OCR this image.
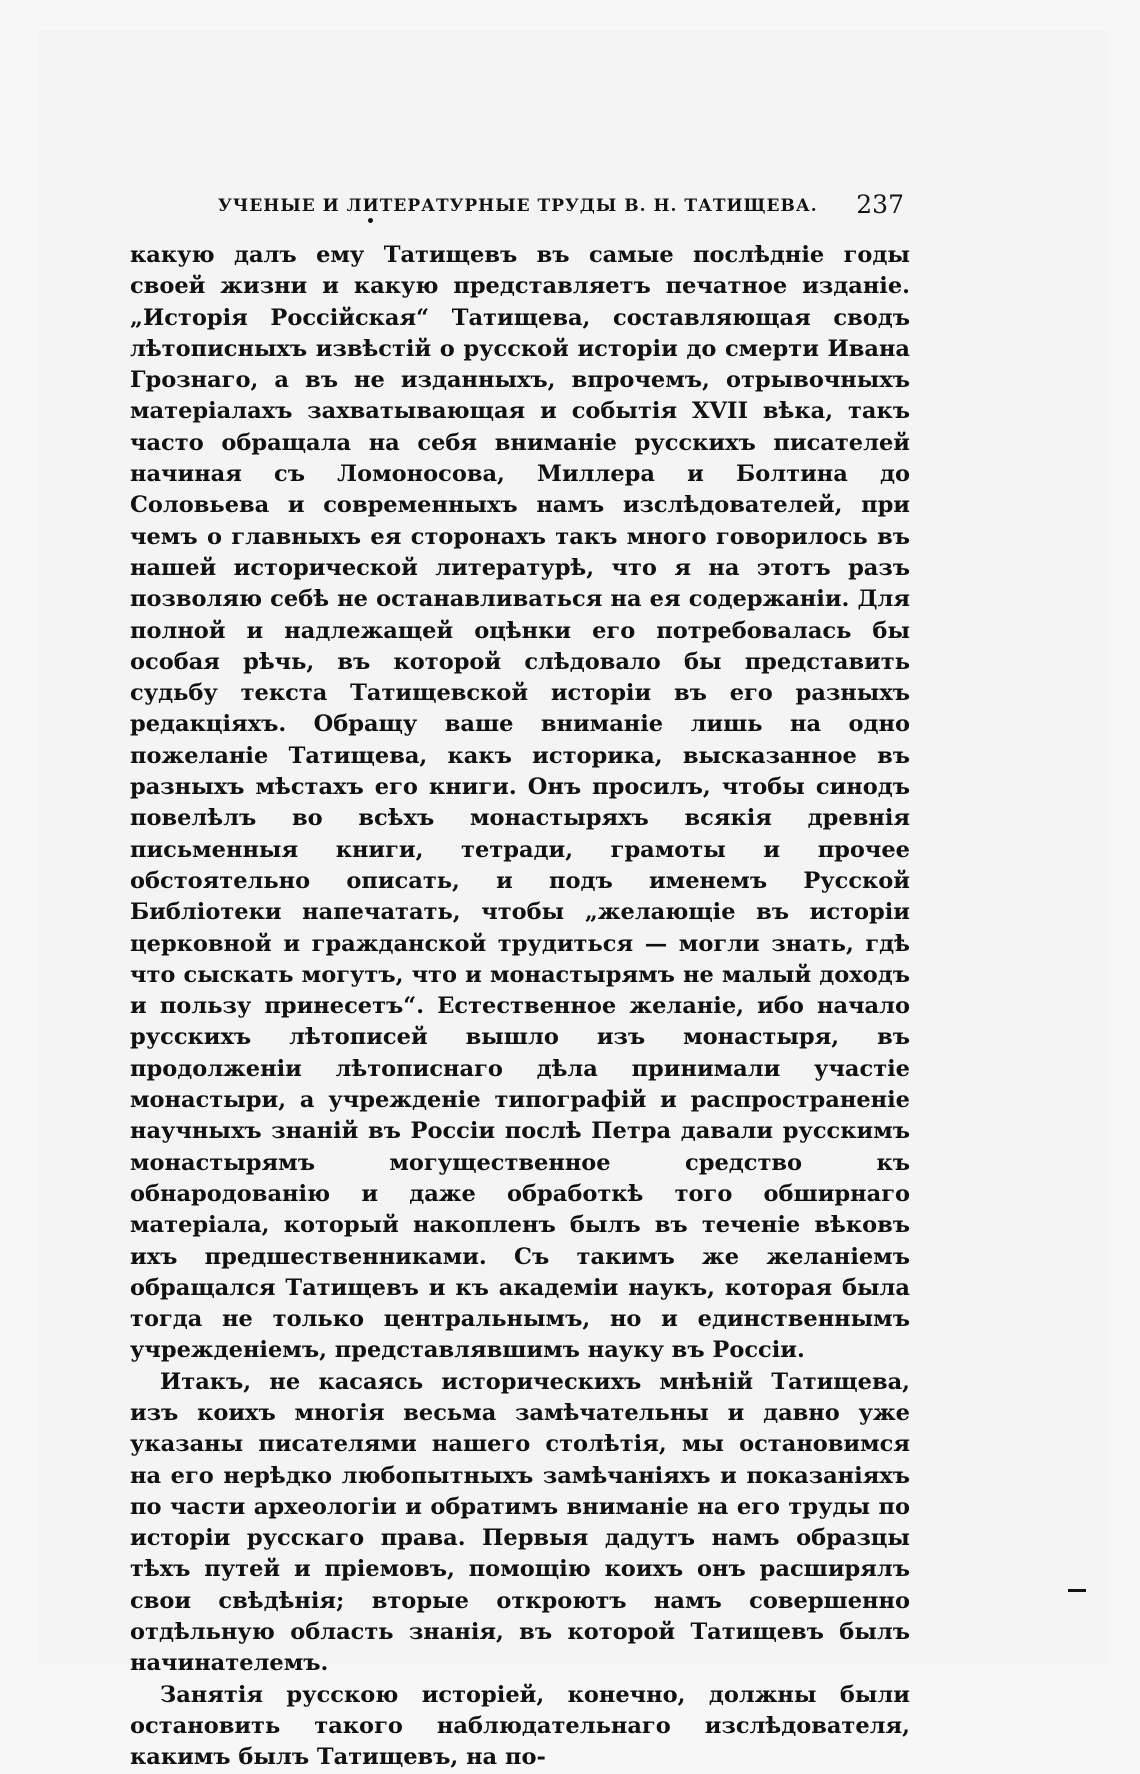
УЧЕНЫЕ И ЛИТЕРАТУРНЫЕ ТРУДЫ В. Н. ТАТИЩЕВА. 237

какую далъ ему Татищевъ въ самые послѣдніе годы своей жизни и какую представляетъ печатное изданіе. „Исторія Россійская“ Татищева, составляющая сводъ лѣтописныхъ извѣстій о русской исторіи до смерти Ивана Грознаго, а въ не изданныхъ, впрочемъ, отрывочныхъ матеріалахъ захватывающая и событія XVII вѣка, такъ часто обращала на себя вниманіе русскихъ писателей начиная съ Ломоносова, Миллера и Болтина до Соловьева и современныхъ намъ изслѣдователей, при чемъ о главныхъ ея сторонахъ такъ много говорилось въ нашей исторической литературѣ, что я на этотъ разъ позволяю себѣ не останавливаться на ея содержаніи. Для полной и надлежащей оцѣнки его потребовалась бы особая рѣчь, въ которой слѣдовало бы представить судьбу текста Татищевской исторіи въ его разныхъ редакціяхъ. Обращу ваше вниманіе лишь на одно пожеланіе Татищева, какъ историка, высказанное въ разныхъ мѣстахъ его книги. Онъ просилъ, чтобы синодъ повелѣлъ во всѣхъ монастыряхъ всякія древнія письменныя книги, тетради, грамоты и прочее обстоятельно описать, и подъ именемъ Русской Библіотеки напечатать, чтобы „желающіе въ исторіи церковной и гражданской трудиться — могли знать, гдѣ что сыскать могутъ, что и монастырямъ не малый доходъ и пользу принесетъ“. Естественное желаніе, ибо начало русскихъ лѣтописей вышло изъ монастыря, въ продолженіи лѣтописнаго дѣла принимали участіе монастыри, а учрежденіе типографій и распространеніе научныхъ знаній въ Россіи послѣ Петра давали русскимъ монастырямъ могущественное средство къ обнародованію и даже обработкѣ того обширнаго матеріала, который накопленъ былъ въ теченіе вѣковъ ихъ предшественниками. Съ такимъ же желаніемъ обращался Татищевъ и къ академіи наукъ, которая была тогда не только центральнымъ, но и единственнымъ учрежденіемъ, представлявшимъ науку въ Россіи.

Итакъ, не касаясь историческихъ мнѣній Татищева, изъ коихъ многія весьма замѣчательны и давно уже указаны писателями нашего столѣтія, мы остановимся на его нерѣдко любопытныхъ замѣчаніяхъ и показаніяхъ по части археологіи и обратимъ вниманіе на его труды по исторіи русскаго права. Первыя дадутъ намъ образцы тѣхъ путей и пріемовъ, помощію коихъ онъ расширялъ свои свѣдѣнія; вторые откроютъ намъ совершенно отдѣльную область знанія, въ которой Татищевъ былъ начинателемъ.

Занятія русскою исторіей, конечно, должны были остановить такого наблюдательнаго изслѣдователя, какимъ былъ Татищевъ, на по-
